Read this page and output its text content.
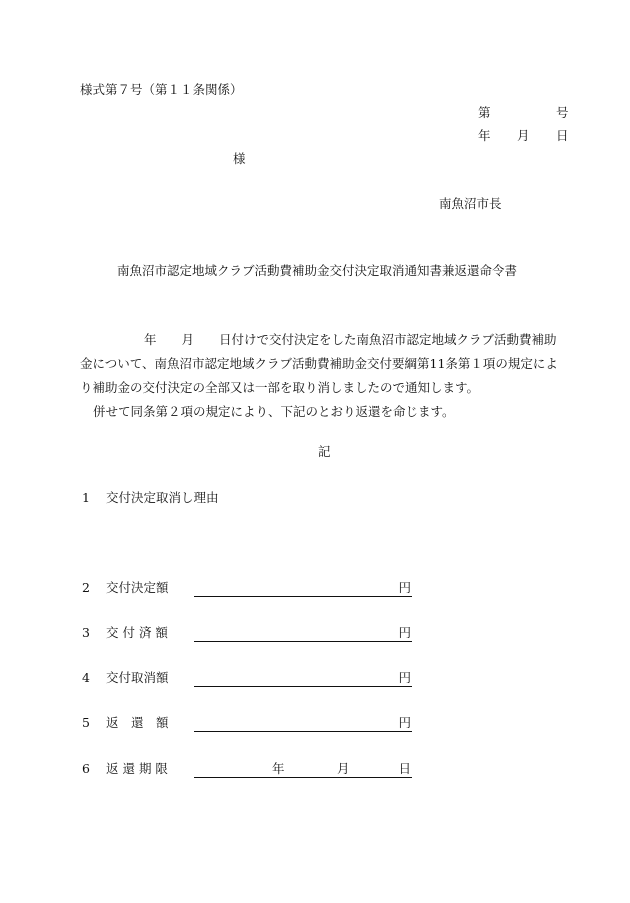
様式第７号（第１１条関係）
第	号
年 月 日
様
南魚沼市長
南魚沼市認定地域クラブ活動費補助金交付決定取消通知書兼返還命令書

年 月 日付けで交付決定をした南魚沼市認定地域クラブ活動費補助

金について、南魚沼市認定地域クラブ活動費補助金交付要綱第11条第１項の規定によ

り補助金の交付決定の全部又は一部を取り消しましたので通知します。

併せて同条第２項の規定により、下記のとおり返還を命じます。

記
1 交付決定取消し理由
2 交付決定額	円
3 交 付 済 額	円
4 交付取消額	円
5 返　還　額	円
6 返 還 期 限	年	月	日
